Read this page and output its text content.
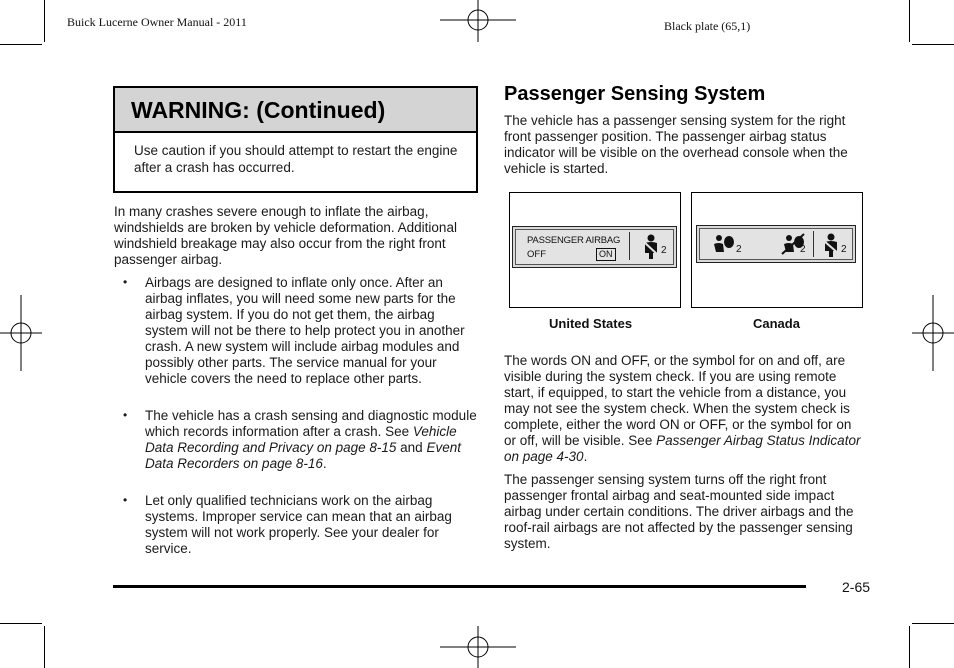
Buick Lucerne Owner Manual - 2011	Black plate (65,1)
WARNING: (Continued)
Use caution if you should attempt to restart the engine after a crash has occurred.
In many crashes severe enough to inflate the airbag, windshields are broken by vehicle deformation. Additional windshield breakage may also occur from the right front passenger airbag.
• Airbags are designed to inflate only once. After an airbag inflates, you will need some new parts for the airbag system. If you do not get them, the airbag system will not be there to help protect you in another crash. A new system will include airbag modules and possibly other parts. The service manual for your vehicle covers the need to replace other parts.
• The vehicle has a crash sensing and diagnostic module which records information after a crash. See Vehicle Data Recording and Privacy on page 8-15 and Event Data Recorders on page 8-16.
• Let only qualified technicians work on the airbag systems. Improper service can mean that an airbag system will not work properly. See your dealer for service.
Passenger Sensing System
The vehicle has a passenger sensing system for the right front passenger position. The passenger airbag status indicator will be visible on the overhead console when the vehicle is started.
PASSENGER AIRBAG
OFF	ON	2	2	2	2
United States	Canada
The words ON and OFF, or the symbol for on and off, are visible during the system check. If you are using remote start, if equipped, to start the vehicle from a distance, you may not see the system check. When the system check is complete, either the word ON or OFF, or the symbol for on or off, will be visible. See Passenger Airbag Status Indicator on page 4-30.
The passenger sensing system turns off the right front passenger frontal airbag and seat-mounted side impact airbag under certain conditions. The driver airbags and the roof-rail airbags are not affected by the passenger sensing system.
2-65
